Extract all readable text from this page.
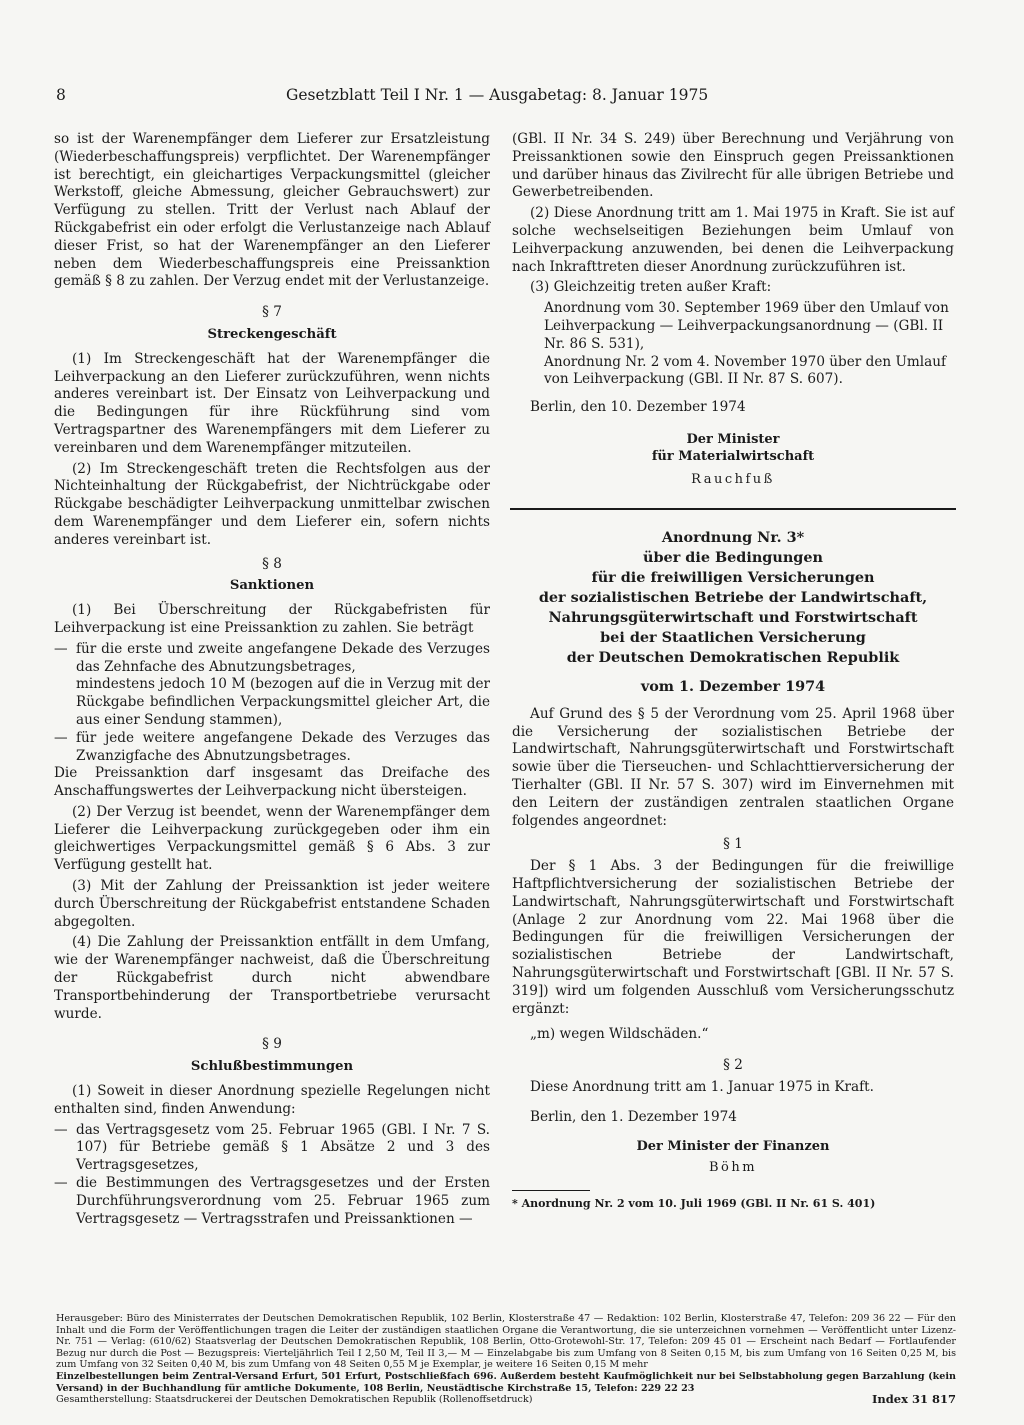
8	Gesetzblatt Teil I Nr. 1 — Ausgabetag: 8. Januar 1975

so ist der Warenempfänger dem Lieferer zur Ersatzleistung (Wiederbeschaffungspreis) verpflichtet. Der Warenempfänger ist berechtigt, ein gleichartiges Verpackungsmittel (gleicher Werkstoff, gleiche Abmessung, gleicher Gebrauchswert) zur Verfügung zu stellen. Tritt der Verlust nach Ablauf der Rückgabefrist ein oder erfolgt die Verlustanzeige nach Ablauf dieser Frist, so hat der Warenempfänger an den Lieferer neben dem Wiederbeschaffungspreis eine Preissanktion gemäß § 8 zu zahlen. Der Verzug endet mit der Verlustanzeige.

§ 7
Streckengeschäft

(1) Im Streckengeschäft hat der Warenempfänger die Leihverpackung an den Lieferer zurückzuführen, wenn nichts anderes vereinbart ist. Der Einsatz von Leihverpackung und die Bedingungen für ihre Rückführung sind vom Vertragspartner des Warenempfängers mit dem Lieferer zu vereinbaren und dem Warenempfänger mitzuteilen.

(2) Im Streckengeschäft treten die Rechtsfolgen aus der Nichteinhaltung der Rückgabefrist, der Nichtrückgabe oder Rückgabe beschädigter Leihverpackung unmittelbar zwischen dem Warenempfänger und dem Lieferer ein, sofern nichts anderes vereinbart ist.

§ 8
Sanktionen

(1) Bei Überschreitung der Rückgabefristen für Leihverpackung ist eine Preissanktion zu zahlen. Sie beträgt

— für die erste und zweite angefangene Dekade des Verzuges das Zehnfache des Abnutzungsbetrages,

mindestens jedoch 10 M (bezogen auf die in Verzug mit der Rückgabe befindlichen Verpackungsmittel gleicher Art, die aus einer Sendung stammen),

— für jede weitere angefangene Dekade des Verzuges das Zwanzigfache des Abnutzungsbetrages.

Die Preissanktion darf insgesamt das Dreifache des Anschaffungswertes der Leihverpackung nicht übersteigen.

(2) Der Verzug ist beendet, wenn der Warenempfänger dem Lieferer die Leihverpackung zurückgegeben oder ihm ein gleichwertiges Verpackungsmittel gemäß § 6 Abs. 3 zur Verfügung gestellt hat.

(3) Mit der Zahlung der Preissanktion ist jeder weitere durch Überschreitung der Rückgabefrist entstandene Schaden abgegolten.

(4) Die Zahlung der Preissanktion entfällt in dem Umfang, wie der Warenempfänger nachweist, daß die Überschreitung der Rückgabefrist durch nicht abwendbare Transportbehinderung der Transportbetriebe verursacht wurde.

§ 9
Schlußbestimmungen

(1) Soweit in dieser Anordnung spezielle Regelungen nicht enthalten sind, finden Anwendung:

— das Vertragsgesetz vom 25. Februar 1965 (GBl. I Nr. 7 S. 107) für Betriebe gemäß § 1 Absätze 2 und 3 des Vertragsgesetzes,
— die Bestimmungen des Vertragsgesetzes und der Ersten Durchführungsverordnung vom 25. Februar 1965 zum Vertragsgesetz — Vertragsstrafen und Preissanktionen —

(GBl. II Nr. 34 S. 249) über Berechnung und Verjährung von Preissanktionen sowie den Einspruch gegen Preissanktionen und darüber hinaus das Zivilrecht für alle übrigen Betriebe und Gewerbetreibenden.

(2) Diese Anordnung tritt am 1. Mai 1975 in Kraft. Sie ist auf solche wechselseitigen Beziehungen beim Umlauf von Leihverpackung anzuwenden, bei denen die Leihverpackung nach Inkrafttreten dieser Anordnung zurückzuführen ist.

(3) Gleichzeitig treten außer Kraft:

Anordnung vom 30. September 1969 über den Umlauf von Leihverpackung — Leihverpackungsanordnung — (GBl. II Nr. 86 S. 531),

Anordnung Nr. 2 vom 4. November 1970 über den Umlauf von Leihverpackung (GBl. II Nr. 87 S. 607).

Berlin, den 10. Dezember 1974

Der Minister
für Materialwirtschaft
Rauchfuß

Anordnung Nr. 3*

über die Bedingungen

für die freiwilligen Versicherungen

der sozialistischen Betriebe der Landwirtschaft,

Nahrungsgüterwirtschaft und Forstwirtschaft

bei der Staatlichen Versicherung

der Deutschen Demokratischen Republik

vom 1. Dezember 1974

Auf Grund des § 5 der Verordnung vom 25. April 1968 über die Versicherung der sozialistischen Betriebe der Landwirtschaft, Nahrungsgüterwirtschaft und Forstwirtschaft sowie über die Tierseuchen- und Schlachttierversicherung der Tierhalter (GBl. II Nr. 57 S. 307) wird im Einvernehmen mit den Leitern der zuständigen zentralen staatlichen Organe folgendes angeordnet:

§ 1

Der § 1 Abs. 3 der Bedingungen für die freiwillige Haftpflichtversicherung der sozialistischen Betriebe der Landwirtschaft, Nahrungsgüterwirtschaft und Forstwirtschaft (Anlage 2 zur Anordnung vom 22. Mai 1968 über die Bedingungen für die freiwilligen Versicherungen der sozialistischen Betriebe der Landwirtschaft, Nahrungsgüterwirtschaft und Forstwirtschaft [GBl. II Nr. 57 S. 319]) wird um folgenden Ausschluß vom Versicherungsschutz ergänzt:

„m) wegen Wildschäden.“

§ 2

Diese Anordnung tritt am 1. Januar 1975 in Kraft.

Berlin, den 1. Dezember 1974

Der Minister der Finanzen
Böhm
* Anordnung Nr. 2 vom 10. Juli 1969 (GBl. II Nr. 61 S. 401)

Herausgeber: Büro des Ministerrates der Deutschen Demokratischen Republik, 102 Berlin, Klosterstraße 47 — Redaktion: 102 Berlin, Klosterstraße 47, Telefon: 209 36 22 — Für den Inhalt und die Form der Veröffentlichungen tragen die Leiter der zuständigen staatlichen Organe die Verantwortung, die sie unterzeichnen vornehmen — Veröffentlicht unter Lizenz-Nr. 751 — Verlag: (610/62) Staatsverlag der Deutschen Demokratischen Republik, 108 Berlin, Otto-Grotewohl-Str. 17, Telefon: 209 45 01 — Erscheint nach Bedarf — Fortlaufender Bezug nur durch die Post — Bezugspreis: Vierteljährlich Teil I 2,50 M, Teil II 3,— M — Einzelabgabe bis zum Umfang von 8 Seiten 0,15 M, bis zum Umfang von 16 Seiten 0,25 M, bis zum Umfang von 32 Seiten 0,40 M, bis zum Umfang von 48 Seiten 0,55 M je Exemplar, je weitere 16 Seiten 0,15 M mehr

Einzelbestellungen beim Zentral-Versand Erfurt, 501 Erfurt, Postschließfach 696. Außerdem besteht Kaufmöglichkeit nur bei Selbstabholung gegen Barzahlung (kein Versand) in der Buchhandlung für amtliche Dokumente, 108 Berlin, Neustädtische Kirchstraße 15, Telefon: 229 22 23

Gesamtherstellung: Staatsdruckerei der Deutschen Demokratischen Republik (Rollenoffsetdruck)	Index 31 817
